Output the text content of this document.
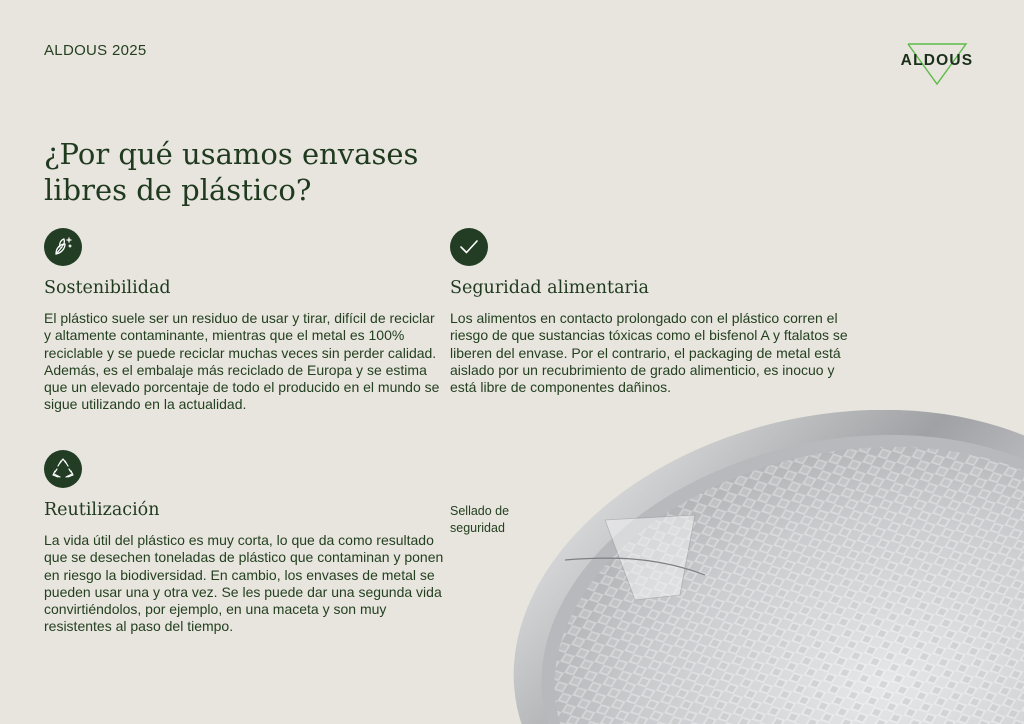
ALDOUS 2025
ALDOUS
¿Por qué usamos envases libres de plástico?
Sostenibilidad

El plástico suele ser un residuo de usar y tirar, difícil de reciclar y altamente contaminante, mientras que el metal es 100% reciclable y se puede reciclar muchas veces sin perder calidad. Además, es el embalaje más reciclado de Europa y se estima que un elevado porcentaje de todo el producido en el mundo se sigue utilizando en la actualidad.

Seguridad alimentaria

Los alimentos en contacto prolongado con el plástico corren el riesgo de que sustancias tóxicas como el bisfenol A y ftalatos se liberen del envase. Por el contrario, el packaging de metal está aislado por un recubrimiento de grado alimenticio, es inocuo y está libre de componentes dañinos.

Reutilización

La vida útil del plástico es muy corta, lo que da como resultado que se desechen toneladas de plástico que contaminan y ponen en riesgo la biodiversidad. En cambio, los envases de metal se pueden usar una y otra vez. Se les puede dar una segunda vida convirtiéndolos, por ejemplo, en una maceta y son muy resistentes al paso del tiempo.

Sellado de seguridad
